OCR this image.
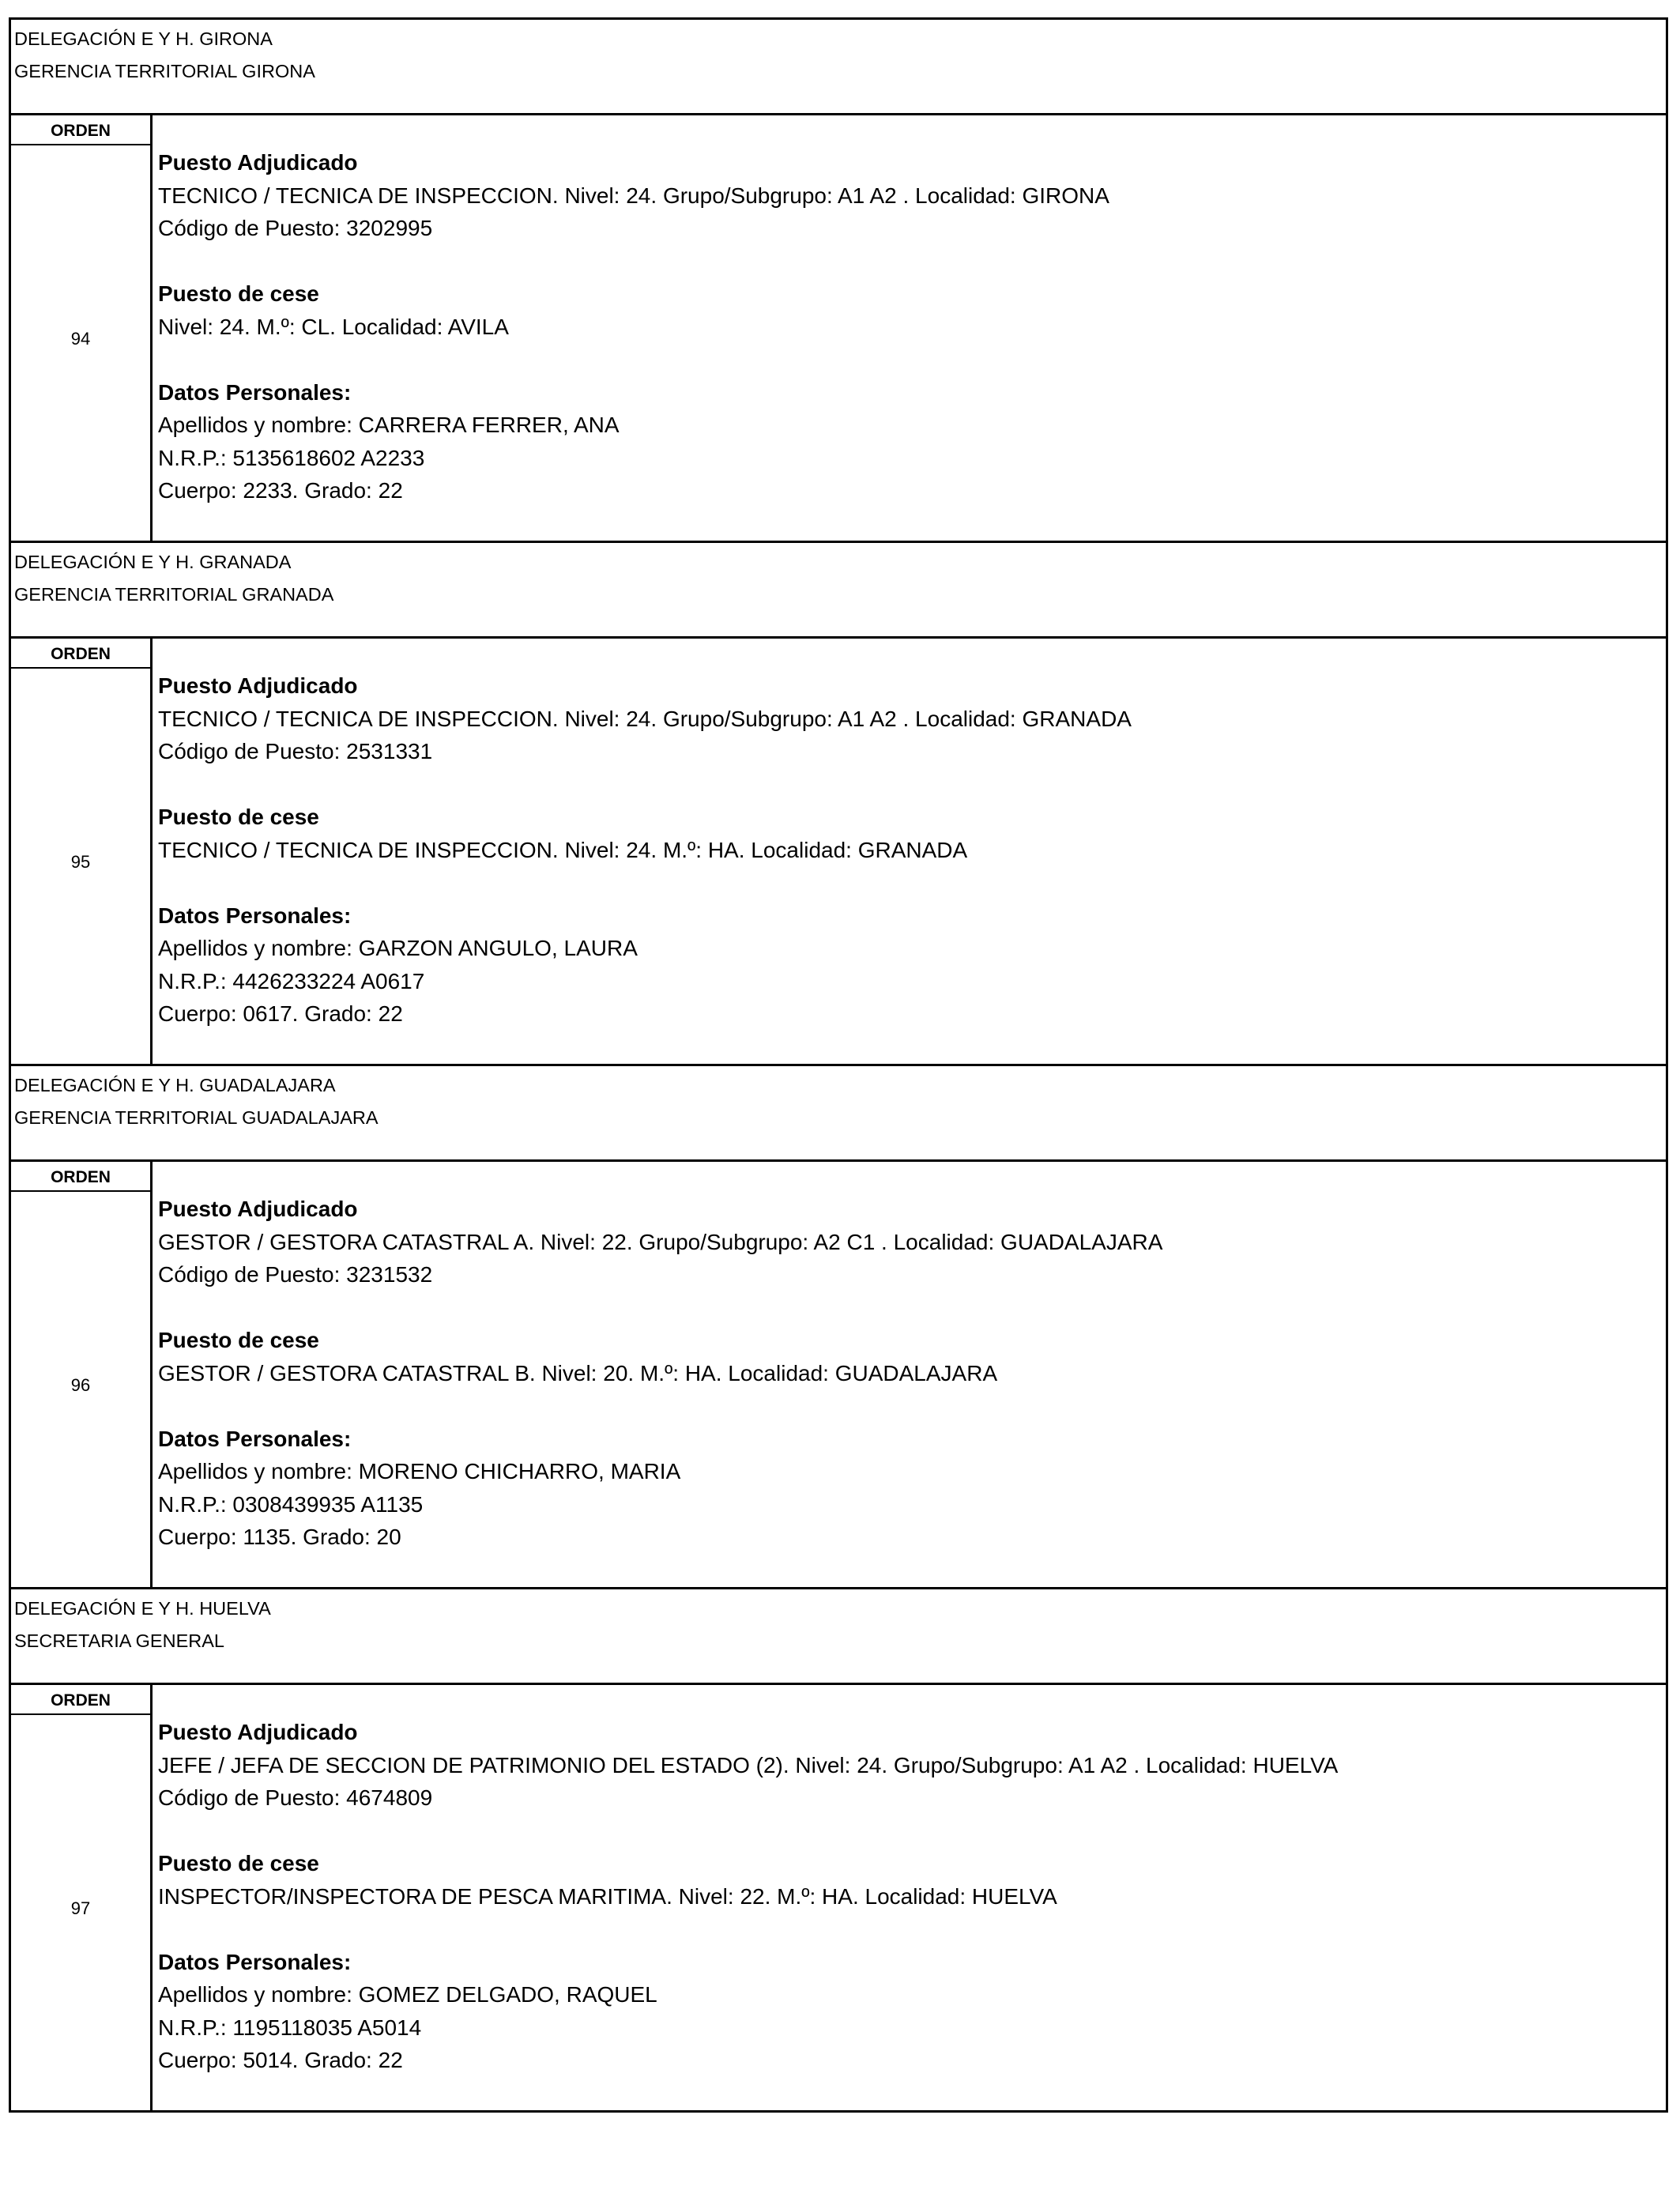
DELEGACIÓN E Y H. GIRONA
GERENCIA TERRITORIAL GIRONA
ORDEN
94
Puesto Adjudicado
TECNICO / TECNICA DE INSPECCION. Nivel: 24. Grupo/Subgrupo: A1 A2 . Localidad: GIRONA
Código de Puesto: 3202995
Puesto de cese
Nivel: 24. M.º: CL. Localidad: AVILA
Datos Personales:
Apellidos y nombre: CARRERA FERRER, ANA
N.R.P.: 5135618602 A2233
Cuerpo: 2233. Grado: 22
DELEGACIÓN E Y H. GRANADA
GERENCIA TERRITORIAL GRANADA
ORDEN
95
Puesto Adjudicado
TECNICO / TECNICA DE INSPECCION. Nivel: 24. Grupo/Subgrupo: A1 A2 . Localidad: GRANADA
Código de Puesto: 2531331
Puesto de cese
TECNICO / TECNICA DE INSPECCION. Nivel: 24. M.º: HA. Localidad: GRANADA
Datos Personales:
Apellidos y nombre: GARZON ANGULO, LAURA
N.R.P.: 4426233224 A0617
Cuerpo: 0617. Grado: 22
DELEGACIÓN E Y H. GUADALAJARA
GERENCIA TERRITORIAL GUADALAJARA
ORDEN
96
Puesto Adjudicado
GESTOR / GESTORA CATASTRAL A. Nivel: 22. Grupo/Subgrupo: A2 C1 . Localidad: GUADALAJARA
Código de Puesto: 3231532
Puesto de cese
GESTOR / GESTORA CATASTRAL B. Nivel: 20. M.º: HA. Localidad: GUADALAJARA
Datos Personales:
Apellidos y nombre: MORENO CHICHARRO, MARIA
N.R.P.: 0308439935 A1135
Cuerpo: 1135. Grado: 20
DELEGACIÓN E Y H. HUELVA
SECRETARIA GENERAL
ORDEN
97
Puesto Adjudicado
JEFE / JEFA DE SECCION DE PATRIMONIO DEL ESTADO (2). Nivel: 24. Grupo/Subgrupo: A1 A2 . Localidad: HUELVA
Código de Puesto: 4674809
Puesto de cese
INSPECTOR/INSPECTORA DE PESCA MARITIMA. Nivel: 22. M.º: HA. Localidad: HUELVA
Datos Personales:
Apellidos y nombre: GOMEZ DELGADO, RAQUEL
N.R.P.: 1195118035 A5014
Cuerpo: 5014. Grado: 22
